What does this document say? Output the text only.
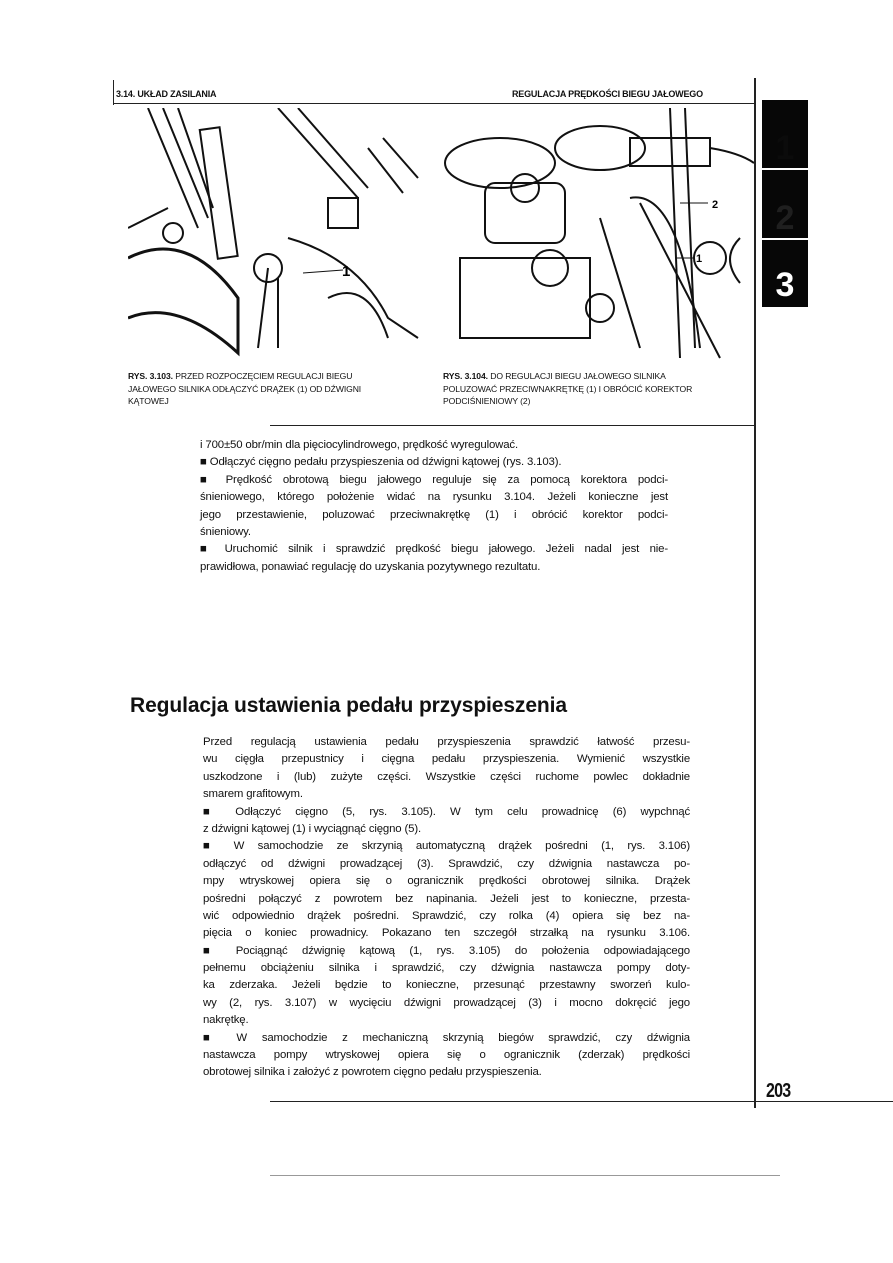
3.14. UKŁAD ZASILANIA	REGULACJA PRĘDKOŚCI BIEGU JAŁOWEGO
1
2
3
1
2
1
RYS. 3.103. PRZED ROZPOCZĘCIEM REGULACJI BIEGU
JAŁOWEGO SILNIKA ODŁĄCZYĆ DRĄŻEK (1) OD DŹWIGNI
KĄTOWEJ
RYS. 3.104. DO REGULACJI BIEGU JAŁOWEGO SILNIKA
POLUZOWAĆ PRZECIWNAKRĘTKĘ (1) I OBRÓCIĆ KOREKTOR
PODCIŚNIENIOWY (2)
i 700±50 obr/min dla pięciocylindrowego, prędkość wyregulować.
■ Odłączyć cięgno pedału przyspieszenia od dźwigni kątowej (rys. 3.103).
■ Prędkość obrotową biegu jałowego reguluje się za pomocą korektora podci-
śnieniowego, którego położenie widać na rysunku 3.104. Jeżeli konieczne jest
jego przestawienie, poluzować przeciwnakrętkę (1) i obrócić korektor podci-
śnieniowy.
■ Uruchomić silnik i sprawdzić prędkość biegu jałowego. Jeżeli nadal jest nie-
prawidłowa, ponawiać regulację do uzyskania pozytywnego rezultatu.
Regulacja ustawienia pedału przyspieszenia
Przed regulacją ustawienia pedału przyspieszenia sprawdzić łatwość przesu-
wu cięgła przepustnicy i cięgna pedału przyspieszenia. Wymienić wszystkie
uszkodzone i (lub) zużyte części. Wszystkie części ruchome powlec dokładnie
smarem grafitowym.
■ Odłączyć cięgno (5, rys. 3.105). W tym celu prowadnicę (6) wypchnąć
z dźwigni kątowej (1) i wyciągnąć cięgno (5).
■ W samochodzie ze skrzynią automatyczną drążek pośredni (1, rys. 3.106)
odłączyć od dźwigni prowadzącej (3). Sprawdzić, czy dźwignia nastawcza po-
mpy wtryskowej opiera się o ogranicznik prędkości obrotowej silnika. Drążek
pośredni połączyć z powrotem bez napinania. Jeżeli jest to konieczne, przesta-
wić odpowiednio drążek pośredni. Sprawdzić, czy rolka (4) opiera się bez na-
pięcia o koniec prowadnicy. Pokazano ten szczegół strzałką na rysunku 3.106.
■ Pociągnąć dźwignię kątową (1, rys. 3.105) do położenia odpowiadającego
pełnemu obciążeniu silnika i sprawdzić, czy dźwignia nastawcza pompy doty-
ka zderzaka. Jeżeli będzie to konieczne, przesunąć przestawny sworzeń kulo-
wy (2, rys. 3.107) w wycięciu dźwigni prowadzącej (3) i mocno dokręcić jego
nakrętkę.
■ W samochodzie z mechaniczną skrzynią biegów sprawdzić, czy dźwignia
nastawcza pompy wtryskowej opiera się o ogranicznik (zderzak) prędkości
obrotowej silnika i założyć z powrotem cięgno pedału przyspieszenia.
203
